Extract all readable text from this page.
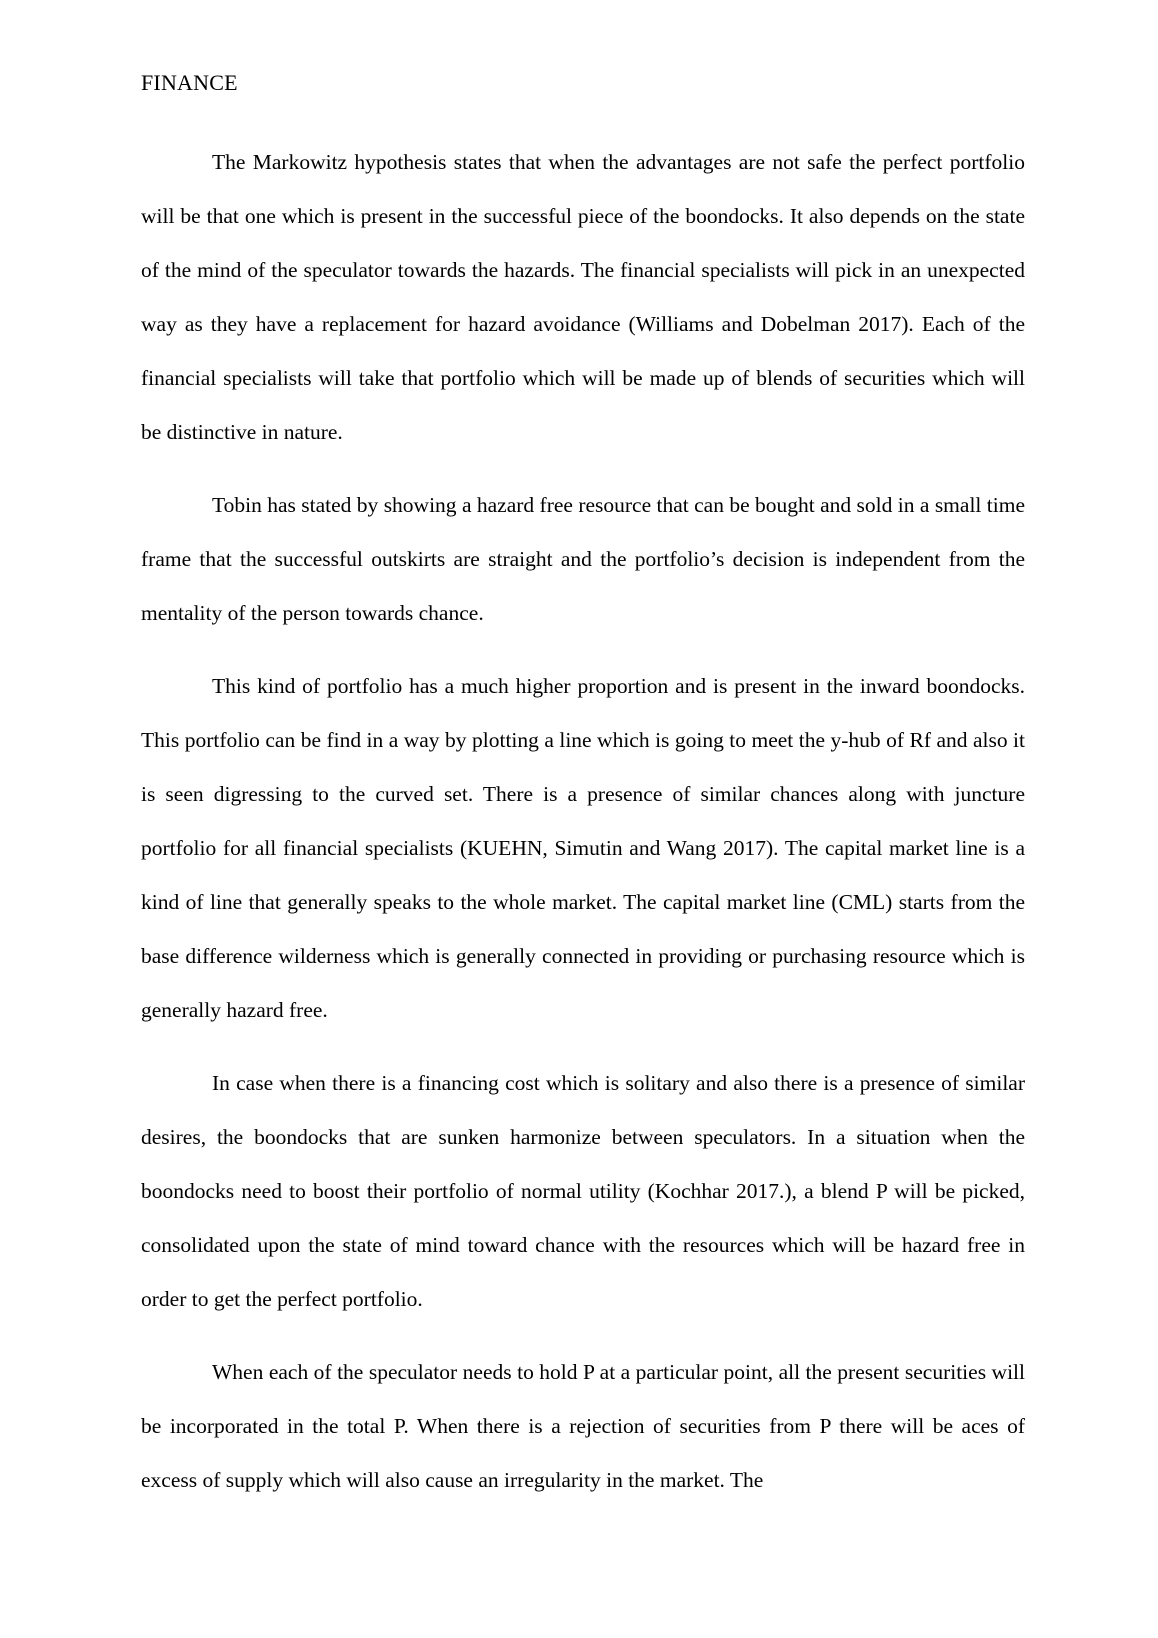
FINANCE

The Markowitz hypothesis states that when the advantages are not safe the perfect portfolio will be that one which is present in the successful piece of the boondocks. It also depends on the state of the mind of the speculator towards the hazards. The financial specialists will pick in an unexpected way as they have a replacement for hazard avoidance (Williams and Dobelman 2017). Each of the financial specialists will take that portfolio which will be made up of blends of securities which will be distinctive in nature.

Tobin has stated by showing a hazard free resource that can be bought and sold in a small time frame that the successful outskirts are straight and the portfolio’s decision is independent from the mentality of the person towards chance.

This kind of portfolio has a much higher proportion and is present in the inward boondocks. This portfolio can be find in a way by plotting a line which is going to meet the y-hub of Rf and also it is seen digressing to the curved set. There is a presence of similar chances along with juncture portfolio for all financial specialists (KUEHN, Simutin and Wang 2017). The capital market line is a kind of line that generally speaks to the whole market. The capital market line (CML) starts from the base difference wilderness which is generally connected in providing or purchasing resource which is generally hazard free.

In case when there is a financing cost which is solitary and also there is a presence of similar desires, the boondocks that are sunken harmonize between speculators. In a situation when the boondocks need to boost their portfolio of normal utility (Kochhar 2017.), a blend P will be picked, consolidated upon the state of mind toward chance with the resources which will be hazard free in order to get the perfect portfolio.

When each of the speculator needs to hold P at a particular point, all the present securities will be incorporated in the total P. When there is a rejection of securities from P there will be aces of excess of supply which will also cause an irregularity in the market. The
